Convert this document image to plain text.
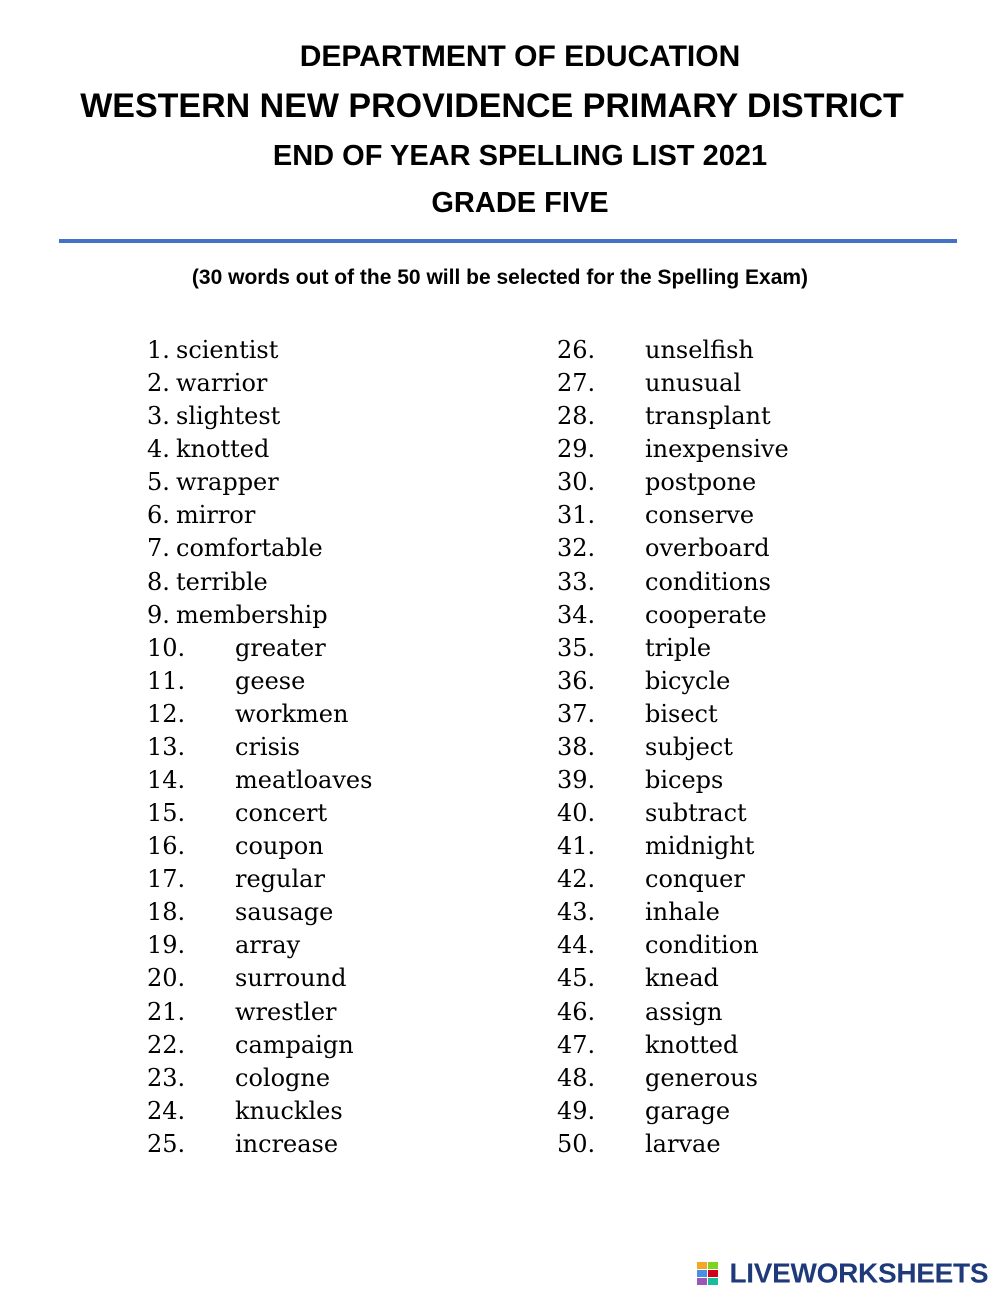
DEPARTMENT OF EDUCATION
WESTERN NEW PROVIDENCE PRIMARY DISTRICT
END OF YEAR SPELLING LIST 2021
GRADE FIVE
(30 words out of the 50 will be selected for the Spelling Exam)
1. scientist
2. warrior
3. slightest
4. knotted
5. wrapper
6. mirror
7. comfortable
8. terrible
9. membership
10. greater
11. geese
12. workmen
13. crisis
14. meatloaves
15. concert
16. coupon
17. regular
18. sausage
19. array
20. surround
21. wrestler
22. campaign
23. cologne
24. knuckles
25. increase
26. unselfish
27. unusual
28. transplant
29. inexpensive
30. postpone
31. conserve
32. overboard
33. conditions
34. cooperate
35. triple
36. bicycle
37. bisect
38. subject
39. biceps
40. subtract
41. midnight
42. conquer
43. inhale
44. condition
45. knead
46. assign
47. knotted
48. generous
49. garage
50. larvae
LIVEWORKSHEETS
